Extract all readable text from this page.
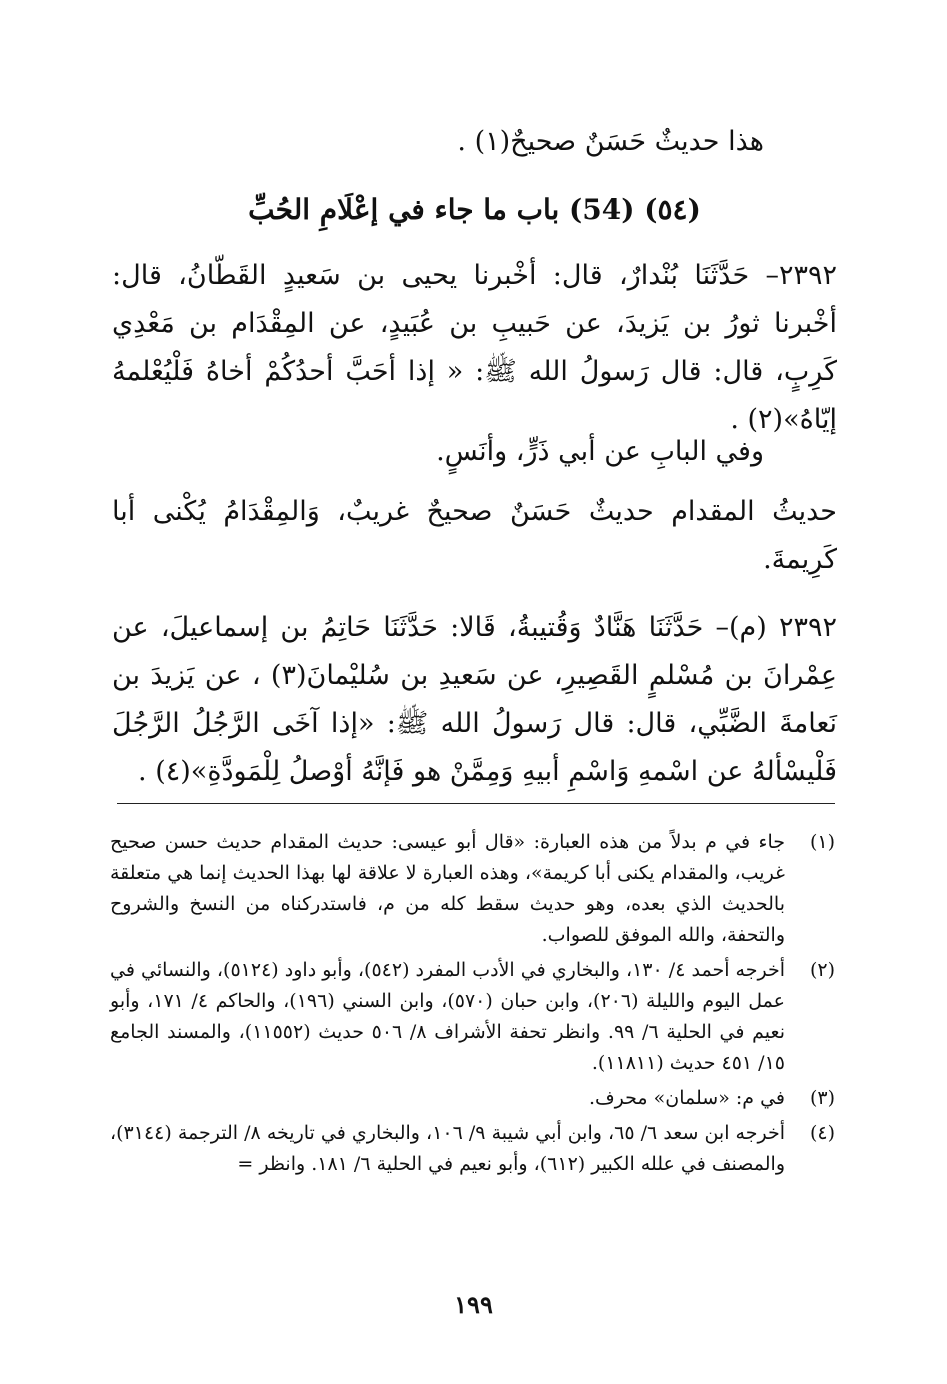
هذا حديثٌ حَسَنٌ صحيحٌ(١) .
(٥٤) (54) باب ما جاء في إعْلَامِ الحُبِّ
٢٣٩٢– حَدَّثَنَا بُنْدارٌ، قال: أخْبرنا يحيى بن سَعيدٍ القَطّانُ، قال: أخْبرنا ثورُ بن يَزيدَ، عن حَبيبِ بن عُبَيدٍ، عن المِقْدَام بن مَعْدِي كَرِبٍ، قال: قال رَسولُ الله ﷺ: « إذا أحَبَّ أحدُكُمْ أخاهُ فَلْيُعْلمهُ إيّاهُ»(٢) .
وفي البابِ عن أبي ذَرٍّ، وأنَسٍ.
حديثُ المقدام حديثٌ حَسَنٌ صحيحٌ غريبٌ، وَالمِقْدَامُ يُكْنى أبا كَرِيمةَ.
٢٣٩٢ (م)– حَدَّثَنَا هَنَّادٌ وَقُتيبةُ، قَالا: حَدَّثَنَا حَاتِمُ بن إسماعيلَ، عن عِمْرانَ بن مُسْلمٍ القَصِيرِ، عن سَعيدِ بن سُليْمانَ(٣) ، عن يَزيدَ بن نَعامةَ الضَّبِّي، قال: قال رَسولُ الله ﷺ: «إذا آخَى الرَّجُلُ الرَّجُلَ فَلْيسْألهُ عن اسْمهِ وَاسْمِ أبيهِ وَمِمَّنْ هو فَإنَّهُ أوْصلُ لِلْمَودَّةِ»(٤) .
(١)
جاء في م بدلاً من هذه العبارة: «قال أبو عيسى: حديث المقدام حديث حسن صحيح غريب، والمقدام يكنى أبا كريمة»، وهذه العبارة لا علاقة لها بهذا الحديث إنما هي متعلقة بالحديث الذي بعده، وهو حديث سقط كله من م، فاستدركناه من النسخ والشروح والتحفة، والله الموفق للصواب.
(٢)
أخرجه أحمد ٤/ ١٣٠، والبخاري في الأدب المفرد (٥٤٢)، وأبو داود (٥١٢٤)، والنسائي في عمل اليوم والليلة (٢٠٦)، وابن حبان (٥٧٠)، وابن السني (١٩٦)، والحاكم ٤/ ١٧١، وأبو نعيم في الحلية ٦/ ٩٩. وانظر تحفة الأشراف ٨/ ٥٠٦ حديث (١١٥٥٢)، والمسند الجامع ١٥/ ٤٥١ حديث (١١٨١١).
(٣)
في م: «سلمان» محرف.
(٤)
أخرجه ابن سعد ٦/ ٦٥، وابن أبي شيبة ٩/ ١٠٦، والبخاري في تاريخه ٨/ الترجمة (٣١٤٤)، والمصنف في علله الكبير (٦١٢)، وأبو نعيم في الحلية ٦/ ١٨١. وانظر =
١٩٩
